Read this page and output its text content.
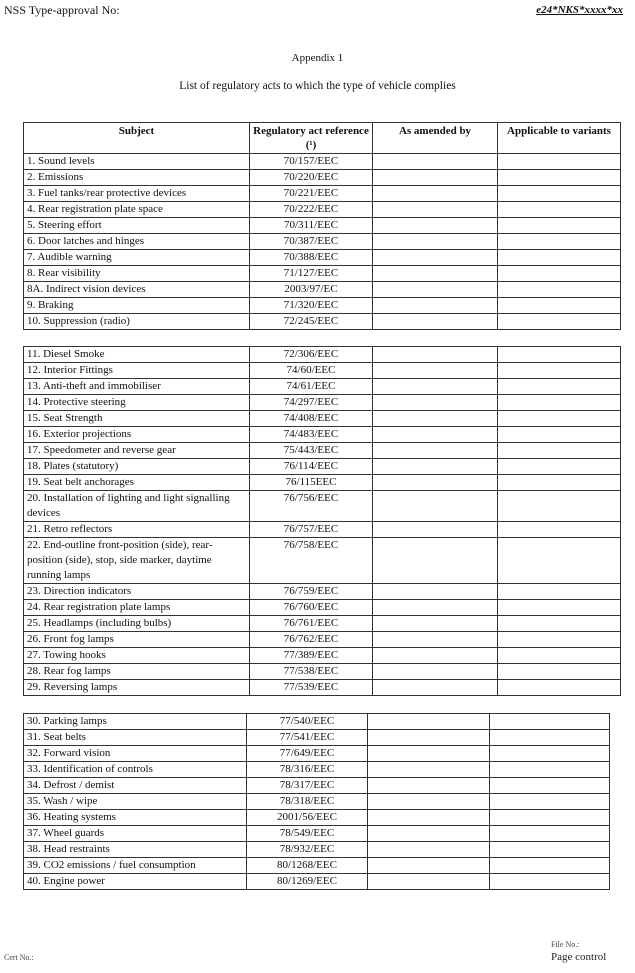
NSS Type-approval No:	e24*NKS*xxxx*xx
Appendix 1
List of regulatory acts to which the type of vehicle complies
Subject	Regulatory act reference (¹)	As amended by	Applicable to variants
1. Sound levels	70/157/EEC		
2. Emissions	70/220/EEC		
3. Fuel tanks/rear protective devices	70/221/EEC		
4. Rear registration plate space	70/222/EEC		
5. Steering effort	70/311/EEC		
6. Door latches and hinges	70/387/EEC		
7. Audible warning	70/388/EEC		
8. Rear visibility	71/127/EEC		
8A. Indirect vision devices	2003/97/EC		
9. Braking	71/320/EEC		
10. Suppression (radio)	72/245/EEC		
11. Diesel Smoke	72/306/EEC		
12. Interior Fittings	74/60/EEC		
13. Anti-theft and immobiliser	74/61/EEC		
14. Protective steering	74/297/EEC		
15. Seat Strength	74/408/EEC		
16. Exterior projections	74/483/EEC		
17. Speedometer and reverse gear	75/443/EEC		
18. Plates (statutory)	76/114/EEC		
19. Seat belt anchorages	76/115EEC		
20. Installation of lighting and light signalling devices	76/756/EEC		
21. Retro reflectors	76/757/EEC		
22. End-outline front-position (side), rear-position (side), stop, side marker, daytime running lamps	76/758/EEC		
23. Direction indicators	76/759/EEC		
24. Rear registration plate lamps	76/760/EEC		
25. Headlamps (including bulbs)	76/761/EEC		
26. Front fog lamps	76/762/EEC		
27. Towing hooks	77/389/EEC		
28. Rear fog lamps	77/538/EEC		
29. Reversing lamps	77/539/EEC		
30. Parking lamps	77/540/EEC		
31. Seat belts	77/541/EEC		
32. Forward vision	77/649/EEC		
33. Identification of controls	78/316/EEC		
34. Defrost / demist	78/317/EEC		
35. Wash / wipe	78/318/EEC		
36. Heating systems	2001/56/EEC		
37. Wheel guards	78/549/EEC		
38. Head restraints	78/932/EEC		
39. CO2 emissions / fuel consumption	80/1268/EEC		
40. Engine power	80/1269/EEC		
Cert No.:
File No.:
Page control
